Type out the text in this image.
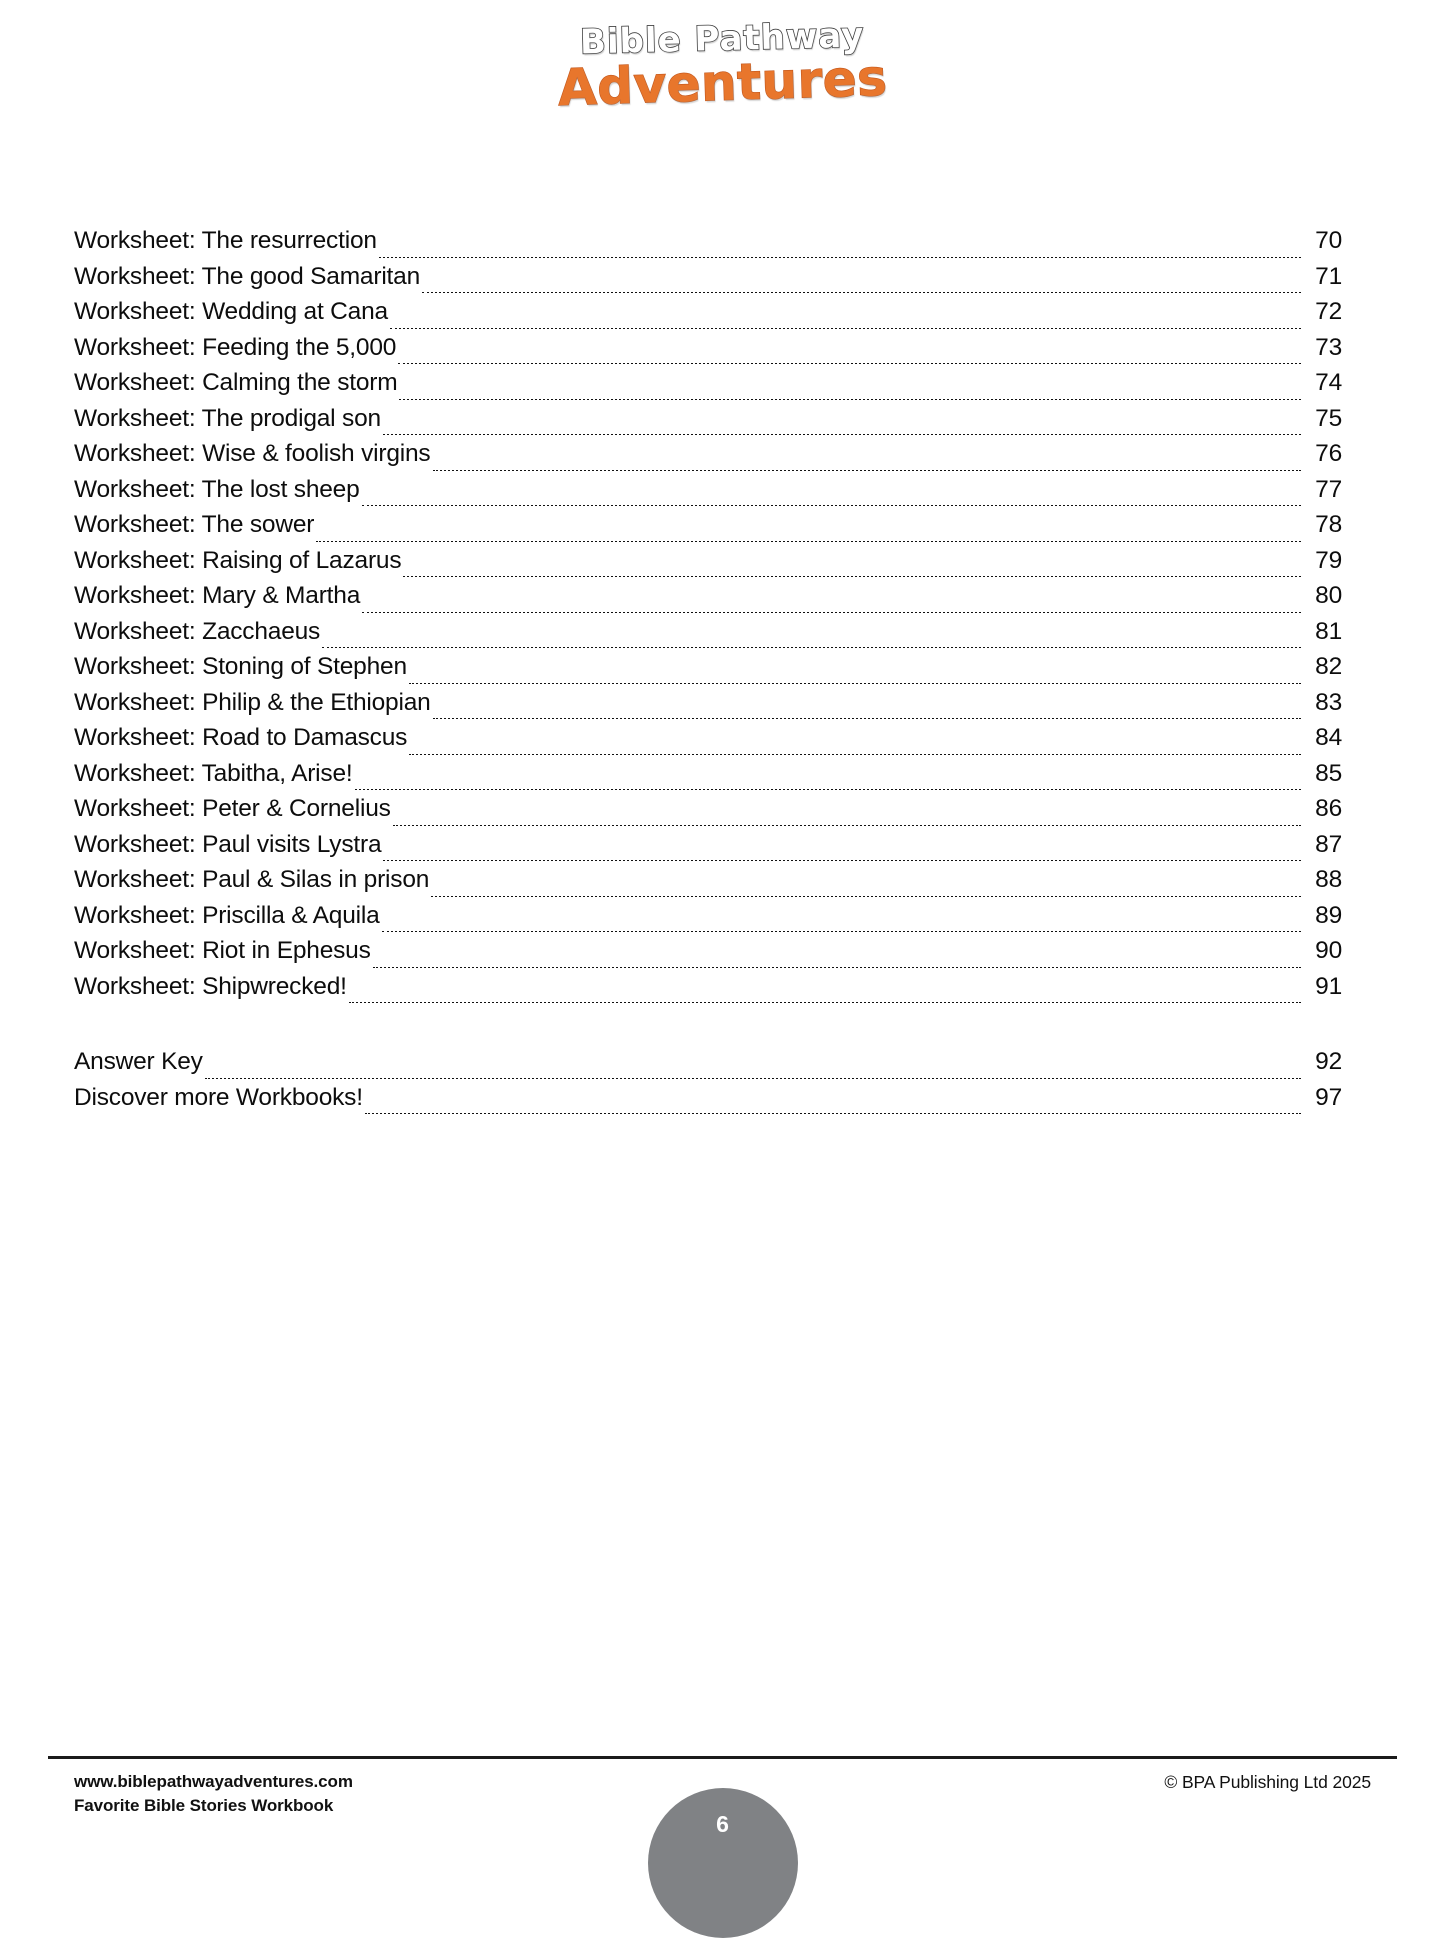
Bible Pathway
Adventures
Worksheet: The resurrection	70
Worksheet: The good Samaritan	71
Worksheet: Wedding at Cana	72
Worksheet: Feeding the 5,000	73
Worksheet: Calming the storm	74
Worksheet: The prodigal son	75
Worksheet: Wise & foolish virgins	76
Worksheet: The lost sheep	77
Worksheet: The sower	78
Worksheet: Raising of Lazarus	79
Worksheet: Mary & Martha	80
Worksheet: Zacchaeus	81
Worksheet: Stoning of Stephen	82
Worksheet: Philip & the Ethiopian	83
Worksheet: Road to Damascus	84
Worksheet: Tabitha, Arise!	85
Worksheet: Peter & Cornelius	86
Worksheet: Paul visits Lystra	87
Worksheet: Paul & Silas in prison	88
Worksheet: Priscilla & Aquila	89
Worksheet: Riot in Ephesus	90
Worksheet: Shipwrecked!	91
Answer Key	92
Discover more Workbooks!	97
www.biblepathwayadventures.com
Favorite Bible Stories Workbook
© BPA Publishing Ltd 2025
6
